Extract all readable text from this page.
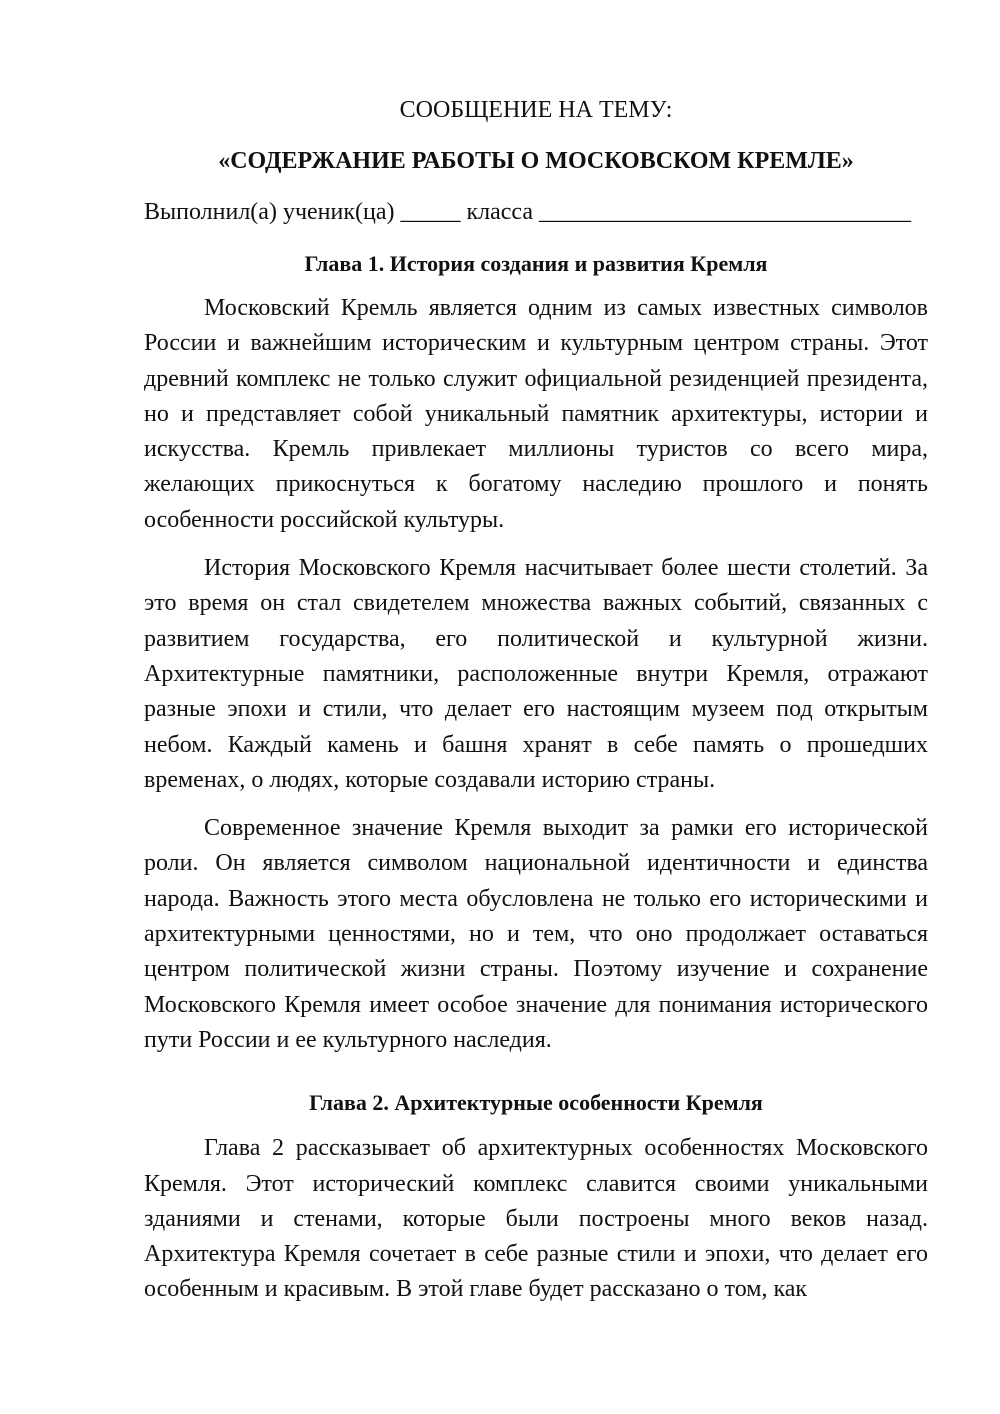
СООБЩЕНИЕ НА ТЕМУ:

«СОДЕРЖАНИЕ РАБОТЫ О МОСКОВСКОМ КРЕМЛЕ»

Выполнил(а) ученик(ца) _____ класса _______________________________

Глава 1. История создания и развития Кремля

Московский Кремль является одним из самых известных символов России и важнейшим историческим и культурным центром страны. Этот древний комплекс не только служит официальной резиденцией президента, но и представляет собой уникальный памятник архитектуры, истории и искусства. Кремль привлекает миллионы туристов со всего мира, желающих прикоснуться к богатому наследию прошлого и понять особенности российской культуры.

История Московского Кремля насчитывает более шести столетий. За это время он стал свидетелем множества важных событий, связанных с развитием государства, его политической и культурной жизни. Архитектурные памятники, расположенные внутри Кремля, отражают разные эпохи и стили, что делает его настоящим музеем под открытым небом. Каждый камень и башня хранят в себе память о прошедших временах, о людях, которые создавали историю страны.

Современное значение Кремля выходит за рамки его исторической роли. Он является символом национальной идентичности и единства народа. Важность этого места обусловлена не только его историческими и архитектурными ценностями, но и тем, что оно продолжает оставаться центром политической жизни страны. Поэтому изучение и сохранение Московского Кремля имеет особое значение для понимания исторического пути России и ее культурного наследия.

Глава 2. Архитектурные особенности Кремля

Глава 2 рассказывает об архитектурных особенностях Московского Кремля. Этот исторический комплекс славится своими уникальными зданиями и стенами, которые были построены много веков назад. Архитектура Кремля сочетает в себе разные стили и эпохи, что делает его особенным и красивым. В этой главе будет рассказано о том, как
